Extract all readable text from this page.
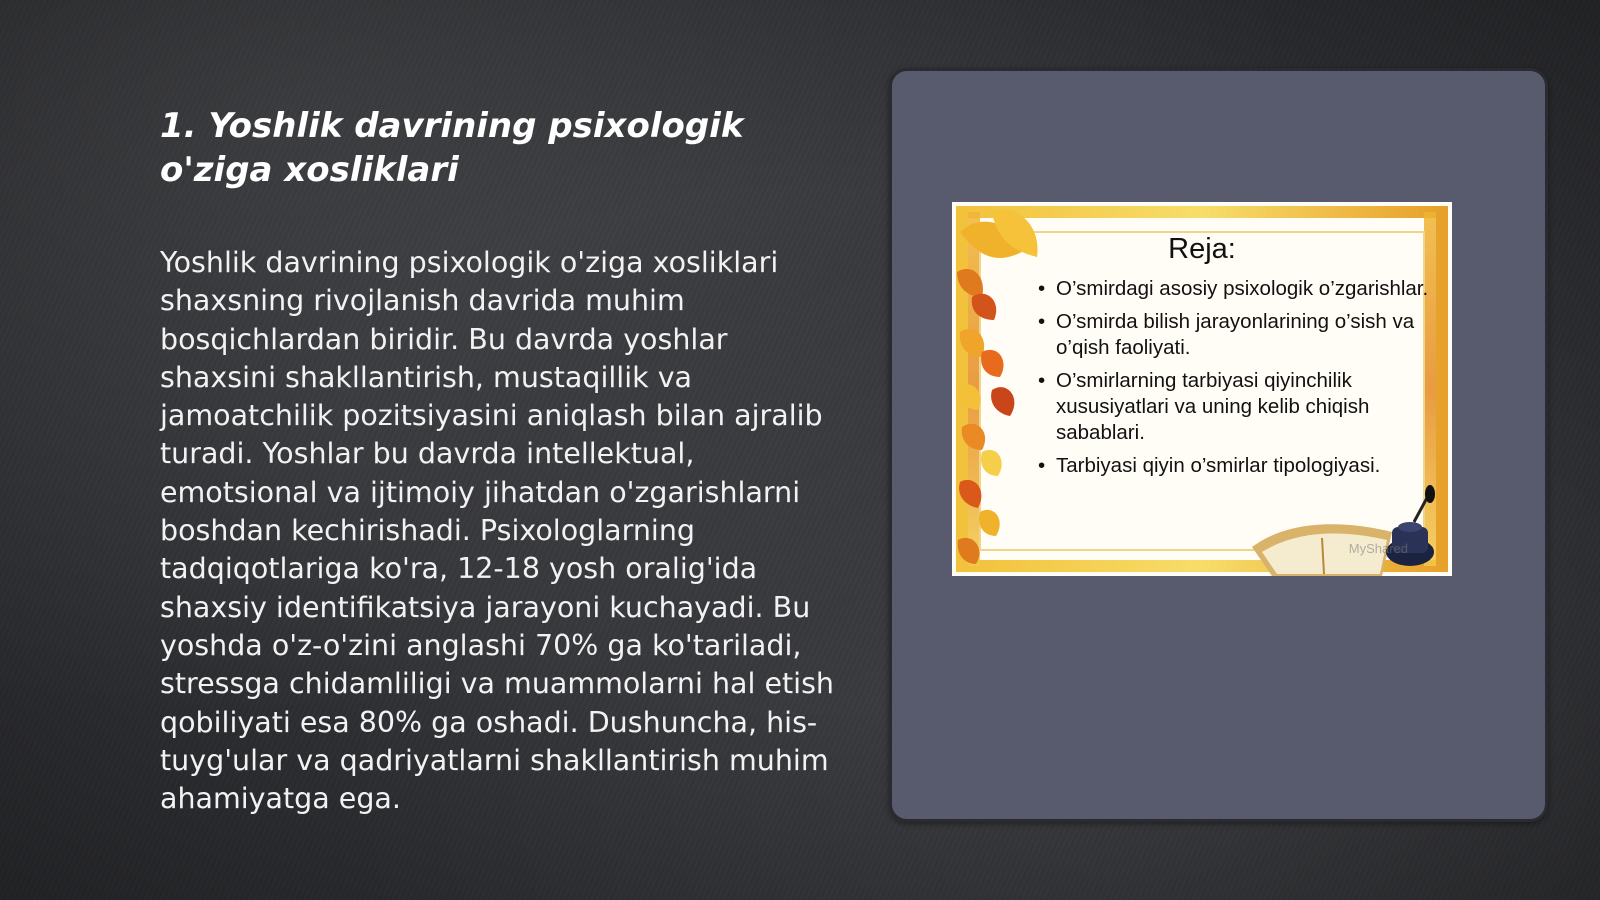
1. Yoshlik davrining psixologik o'ziga xosliklari

Yoshlik davrining psixologik o'ziga xosliklari shaxsning rivojlanish davrida muhim bosqichlardan biridir. Bu davrda yoshlar shaxsini shakllantirish, mustaqillik va jamoatchilik pozitsiyasini aniqlash bilan ajralib turadi. Yoshlar bu davrda intellektual, emotsional va ijtimoiy jihatdan o'zgarishlarni boshdan kechirishadi. Psixologlarning tadqiqotlariga ko'ra, 12-18 yosh oralig'ida shaxsiy identifikatsiya jarayoni kuchayadi. Bu yoshda o'z-o'zini anglashi 70% ga ko'tariladi, stressga chidamliligi va muammolarni hal etish qobiliyati esa 80% ga oshadi. Dushuncha, his-tuyg'ular va qadriyatlarni shakllantirish muhim ahamiyatga ega.

Reja:
• O’smirdagi asosiy psixologik o’zgarishlar.
• O’smirda bilish jarayonlarining o’sish va o’qish faoliyati.
• O’smirlarning tarbiyasi qiyinchilik xususiyatlari va uning kelib chiqish sabablari.
• Tarbiyasi qiyin o’smirlar tipologiyasi.
MyShared
